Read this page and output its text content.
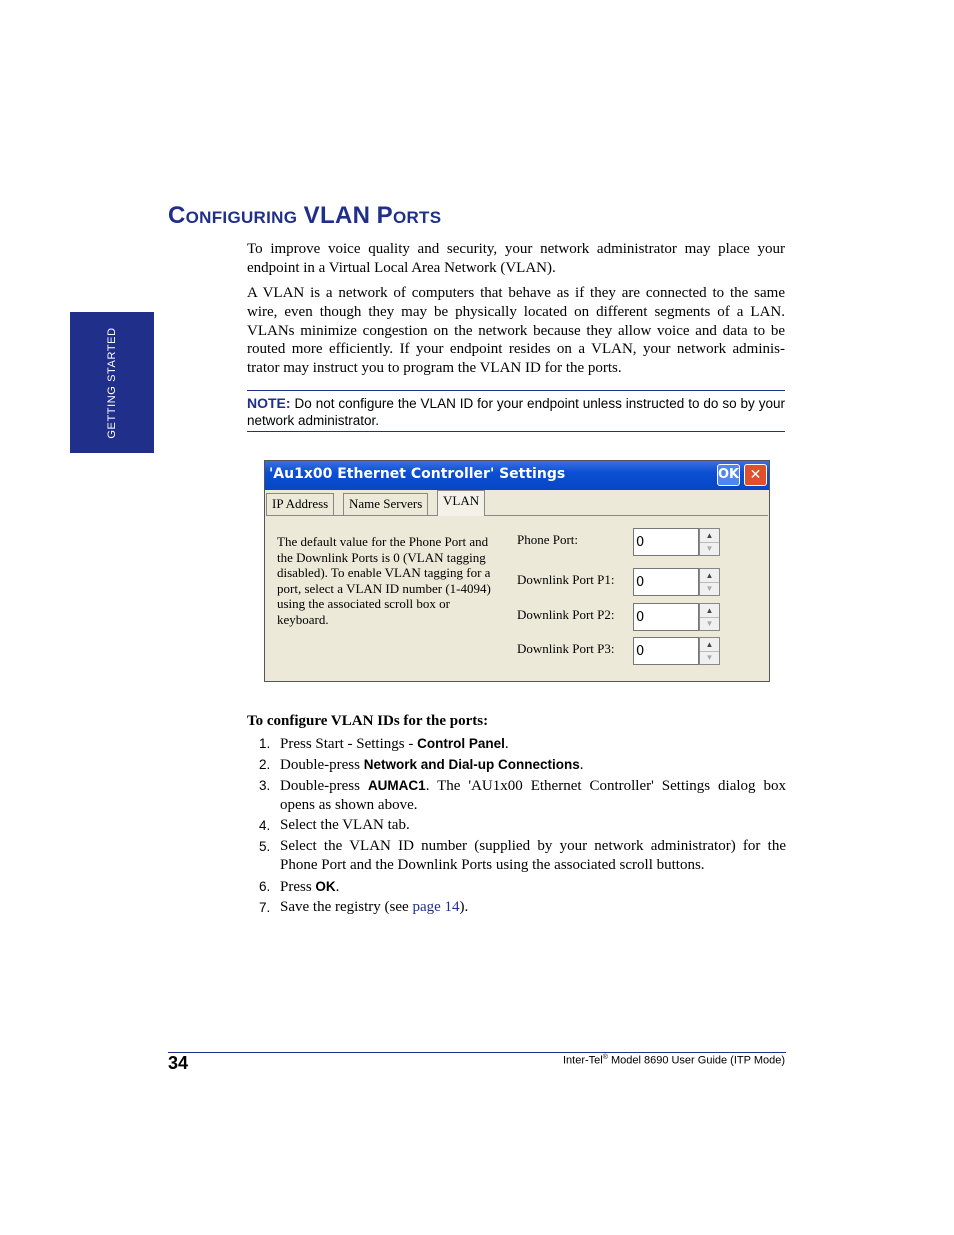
GETTING STARTED
CONFIGURING VLAN PORTS

To improve voice quality and security, your network administrator may place your endpoint in a Virtual Local Area Network (VLAN).

A VLAN is a network of computers that behave as if they are connected to the same wire, even though they may be physically located on different segments of a LAN. VLANs minimize congestion on the network because they allow voice and data to be routed more efficiently. If your endpoint resides on a VLAN, your network adminis-trator may instruct you to program the VLAN ID for the ports.

NOTE: Do not configure the VLAN ID for your endpoint unless instructed to do so by your network administrator.
'Au1x00 Ethernet Controller' Settings	OK ✕
IP Address	Name Servers	VLAN
The default value for the Phone Port and the Downlink Ports is 0 (VLAN tagging disabled). To enable VLAN tagging for a port, select a VLAN ID number (1-4094) using the associated scroll box or keyboard.
Phone Port:
0	▲
▼
Downlink Port P1:
0	▲
▼
Downlink Port P2:
0	▲
▼
Downlink Port P3:
0	▲
▼

To configure VLAN IDs for the ports:

1. Press Start - Settings - Control Panel.
2. Double-press Network and Dial-up Connections.
3. Double-press AUMAC1. The 'AU1x00 Ethernet Controller' Settings dialog box opens as shown above.
4. Select the VLAN tab.
5. Select the VLAN ID number (supplied by your network administrator) for the Phone Port and the Downlink Ports using the associated scroll buttons.
6. Press OK.
7. Save the registry (see page 14).
34	Inter-Tel® Model 8690 User Guide (ITP Mode)
